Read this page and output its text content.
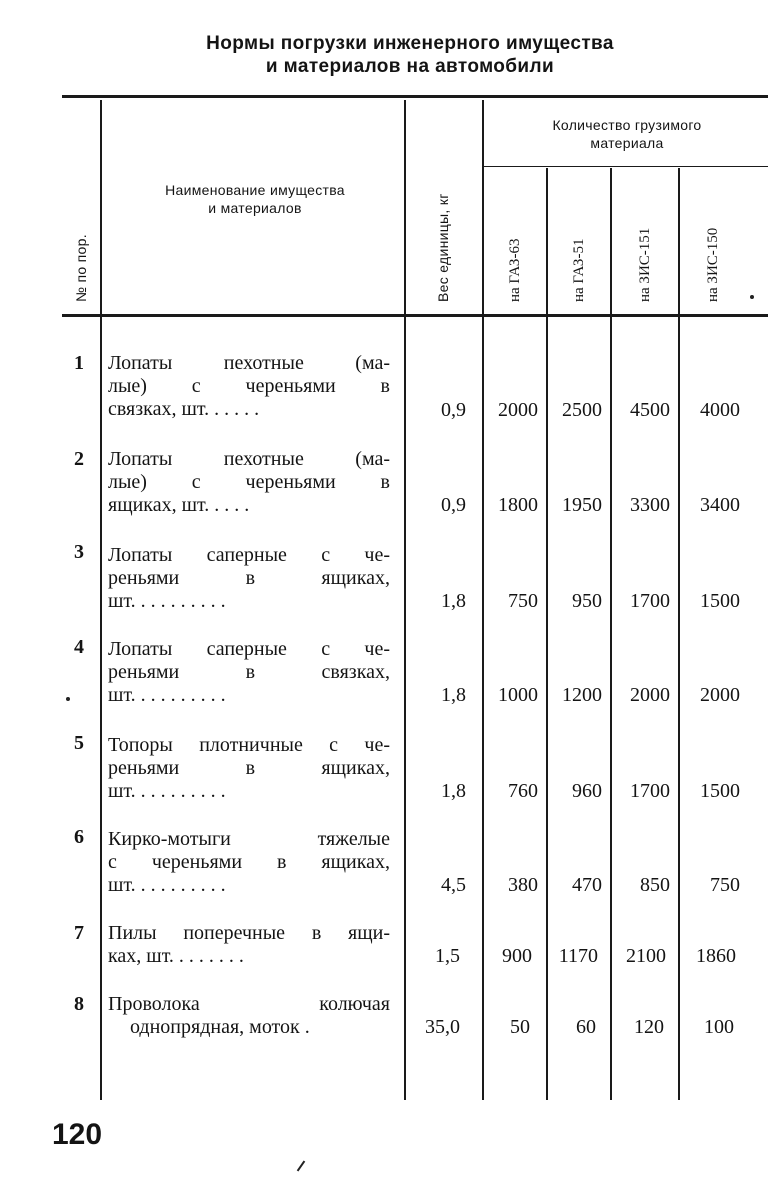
Нормы погрузки инженерного имущества
и материалов на автомобили
№ по пор.
Наименование имущества
и материалов	Вес единицы, кг
Количество грузимого
материала
на ГАЗ-63	на ГАЗ-51	на ЗИС-151	на ЗИС-150
1 Лопаты пехотные (ма-
лые) с череньями в
связках, шт. . . . . .	0,9	2000	2500	4500	4000
2 Лопаты пехотные (ма-
лые) с череньями в
ящиках, шт. . . . .	0,9	1800	1950	3300	3400
3 Лопаты саперные с че-
реньями в ящиках,
шт. . . . . . . . . .	1,8	750	950	1700	1500
4 Лопаты саперные с че-
реньями в связках,
шт. . . . . . . . . .	1,8	1000	1200	2000	2000
5 Топоры плотничные с че-
реньями в ящиках,
шт. . . . . . . . . .	1,8	760	960	1700	1500
6 Кирко-мотыги тяжелые
с череньями в ящиках,
шт. . . . . . . . . .	4,5	380	470	850	750
7 Пилы поперечные в ящи-
ках, шт. . . . . . . .	1,5	900	1170	2100	1860
8 Проволока колючая
однопрядная, моток .	35,0	50	60	120	100
120
